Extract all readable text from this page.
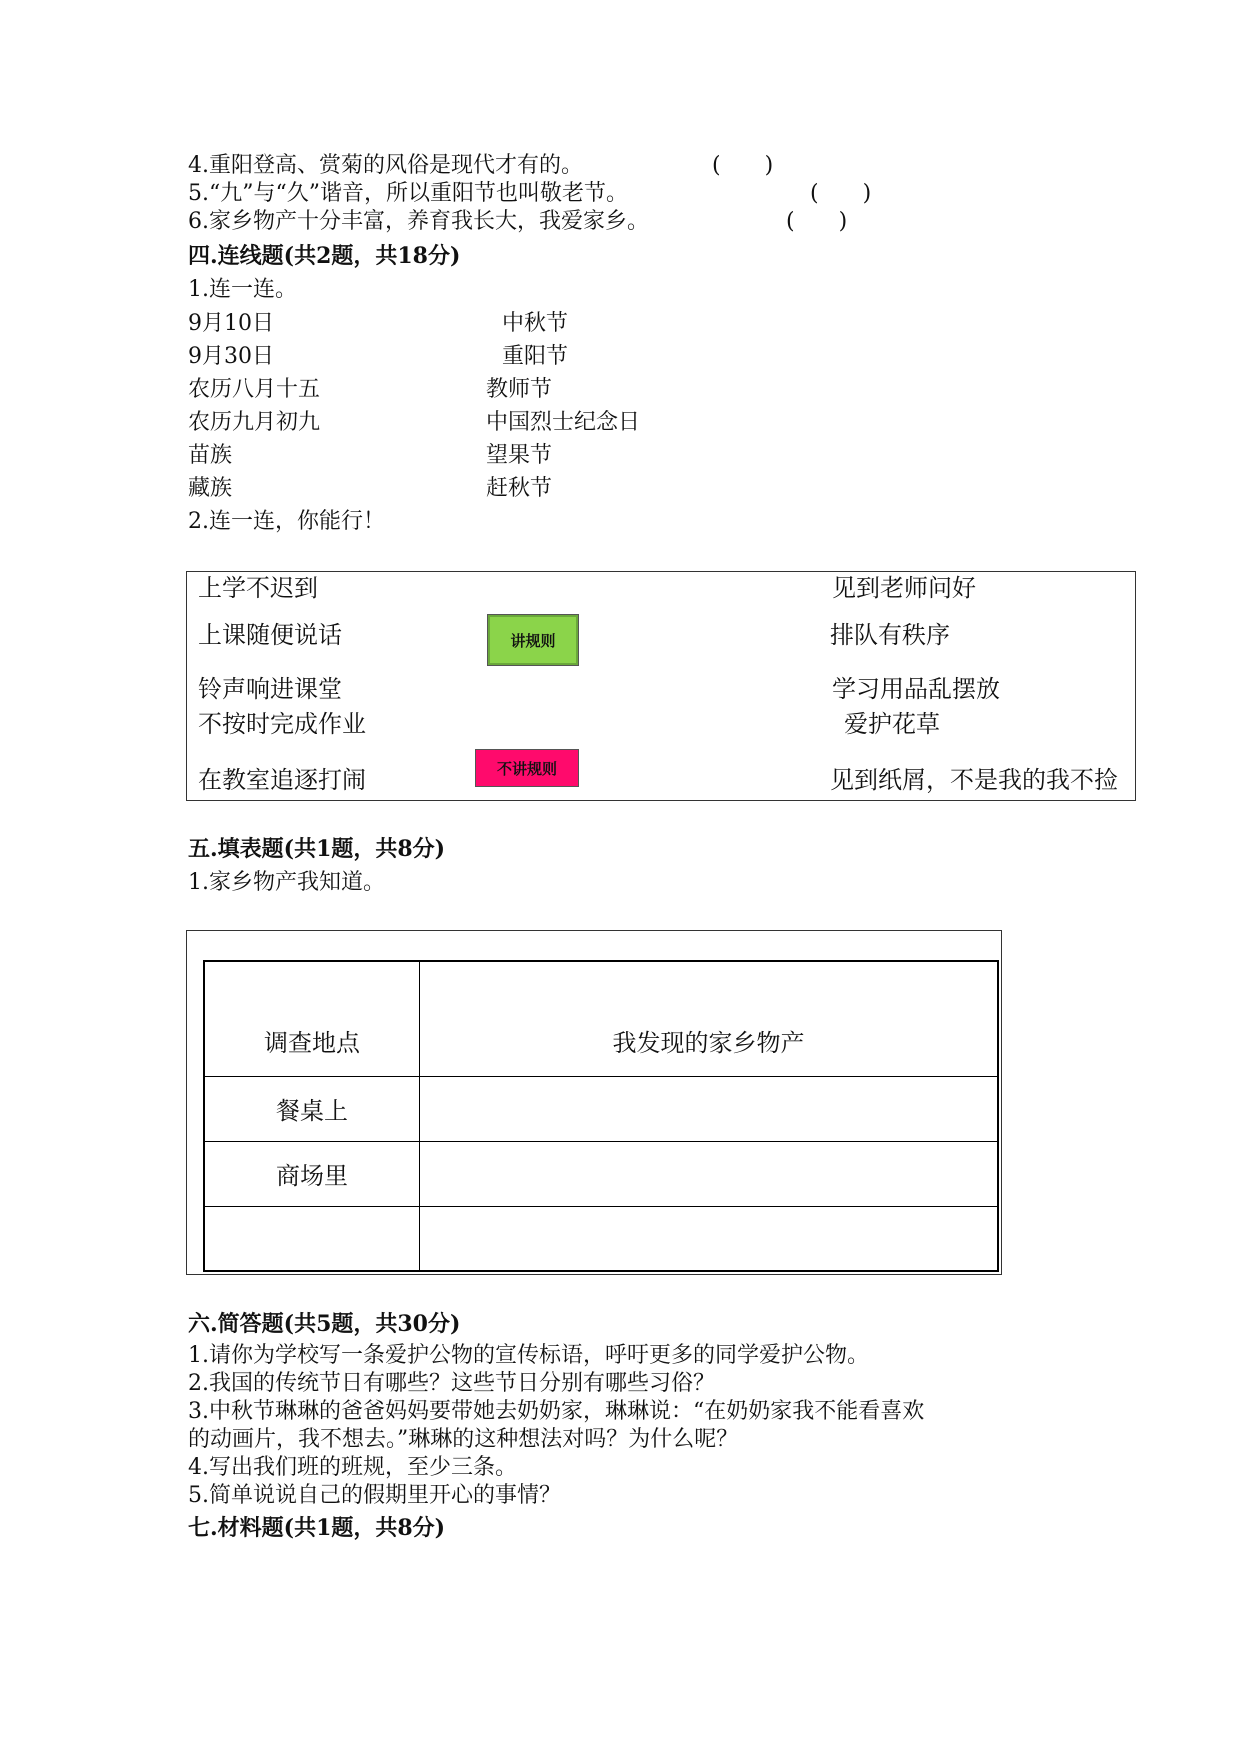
4.重阳登高、赏菊的风俗是现代才有的。	(　　)
5.“九”与“久”谐音，所以重阳节也叫敬老节。	(　　)
6.家乡物产十分丰富，养育我长大，我爱家乡。	(　　)
四.连线题(共2题，共18分)
1.连一连。
9月10日	中秋节
9月30日	重阳节
农历八月十五	教师节
农历九月初九	中国烈士纪念日
苗族	望果节
藏族	赶秋节
2.连一连，你能行！
上学不迟到
上课随便说话
铃声响进课堂
不按时完成作业
在教室追逐打闹
见到老师问好
排队有秩序
学习用品乱摆放
爱护花草
见到纸屑，不是我的我不捡
讲规则
不讲规则
五.填表题(共1题，共8分)
1.家乡物产我知道。
调查地点	我发现的家乡物产
餐桌上	
商场里	

六.简答题(共5题，共30分)
1.请你为学校写一条爱护公物的宣传标语，呼吁更多的同学爱护公物。
2.我国的传统节日有哪些？这些节日分别有哪些习俗？
3.中秋节琳琳的爸爸妈妈要带她去奶奶家，琳琳说：“在奶奶家我不能看喜欢
的动画片，我不想去。”琳琳的这种想法对吗？为什么呢？
4.写出我们班的班规，至少三条。
5.简单说说自己的假期里开心的事情？
七.材料题(共1题，共8分)
